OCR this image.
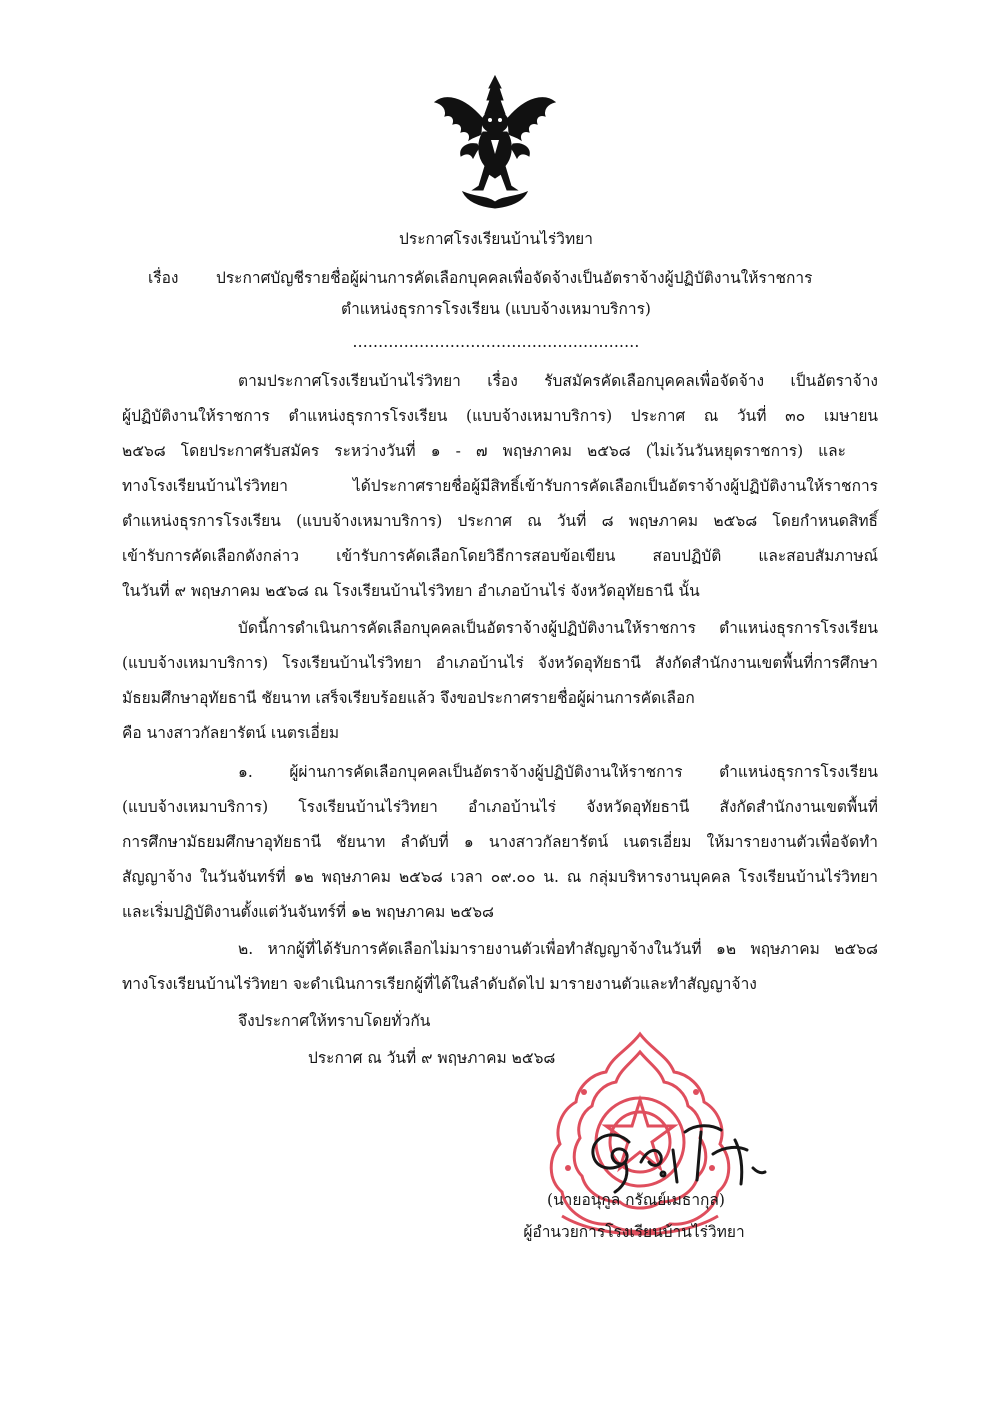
ประกาศโรงเรียนบ้านไร่วิทยา
เรื่อง ประกาศบัญชีรายชื่อผู้ผ่านการคัดเลือกบุคคลเพื่อจัดจ้างเป็นอัตราจ้างผู้ปฏิบัติงานให้ราชการ
ตำแหน่งธุรการโรงเรียน (แบบจ้างเหมาบริการ)
........................................................
ตามประกาศโรงเรียนบ้านไร่วิทยา เรื่อง รับสมัครคัดเลือกบุคคลเพื่อจัดจ้าง เป็นอัตราจ้าง
ผู้ปฏิบัติงานให้ราชการ ตำแหน่งธุรการโรงเรียน (แบบจ้างเหมาบริการ) ประกาศ ณ วันที่ ๓๐ เมษายน
๒๕๖๘ โดยประกาศรับสมัคร ระหว่างวันที่ ๑ - ๗ พฤษภาคม ๒๕๖๘ (ไม่เว้นวันหยุดราชการ) และ
ทางโรงเรียนบ้านไร่วิทยา ได้ประกาศรายชื่อผู้มีสิทธิ์เข้ารับการคัดเลือกเป็นอัตราจ้างผู้ปฏิบัติงานให้ราชการ
ตำแหน่งธุรการโรงเรียน (แบบจ้างเหมาบริการ) ประกาศ ณ วันที่ ๘ พฤษภาคม ๒๕๖๘ โดยกำหนดสิทธิ์
เข้ารับการคัดเลือกดังกล่าว เข้ารับการคัดเลือกโดยวิธีการสอบข้อเขียน สอบปฏิบัติ และสอบสัมภาษณ์
ในวันที่ ๙ พฤษภาคม ๒๕๖๘ ณ โรงเรียนบ้านไร่วิทยา อำเภอบ้านไร่ จังหวัดอุทัยธานี นั้น
บัดนี้การดำเนินการคัดเลือกบุคคลเป็นอัตราจ้างผู้ปฏิบัติงานให้ราชการ ตำแหน่งธุรการโรงเรียน
(แบบจ้างเหมาบริการ) โรงเรียนบ้านไร่วิทยา อำเภอบ้านไร่ จังหวัดอุทัยธานี สังกัดสำนักงานเขตพื้นที่การศึกษา
มัธยมศึกษาอุทัยธานี ชัยนาท เสร็จเรียบร้อยแล้ว จึงขอประกาศรายชื่อผู้ผ่านการคัดเลือก
คือ นางสาวกัลยารัตน์ เนตรเอี่ยม
๑. ผู้ผ่านการคัดเลือกบุคคลเป็นอัตราจ้างผู้ปฏิบัติงานให้ราชการ ตำแหน่งธุรการโรงเรียน
(แบบจ้างเหมาบริการ) โรงเรียนบ้านไร่วิทยา อำเภอบ้านไร่ จังหวัดอุทัยธานี สังกัดสำนักงานเขตพื้นที่
การศึกษามัธยมศึกษาอุทัยธานี ชัยนาท ลำดับที่ ๑ นางสาวกัลยารัตน์ เนตรเอี่ยม ให้มารายงานตัวเพื่อจัดทำ
สัญญาจ้าง ในวันจันทร์ที่ ๑๒ พฤษภาคม ๒๕๖๘ เวลา ๐๙.๐๐ น. ณ กลุ่มบริหารงานบุคคล โรงเรียนบ้านไร่วิทยา
และเริ่มปฏิบัติงานตั้งแต่วันจันทร์ที่ ๑๒ พฤษภาคม ๒๕๖๘
๒. หากผู้ที่ได้รับการคัดเลือกไม่มารายงานตัวเพื่อทำสัญญาจ้างในวันที่ ๑๒ พฤษภาคม ๒๕๖๘
ทางโรงเรียนบ้านไร่วิทยา จะดำเนินการเรียกผู้ที่ได้ในลำดับถัดไป มารายงานตัวและทำสัญญาจ้าง
จึงประกาศให้ทราบโดยทั่วกัน
ประกาศ ณ วันที่ ๙ พฤษภาคม ๒๕๖๘
(นายอนุกูล กรัณย์เมธากุล)
ผู้อำนวยการโรงเรียนบ้านไร่วิทยา
